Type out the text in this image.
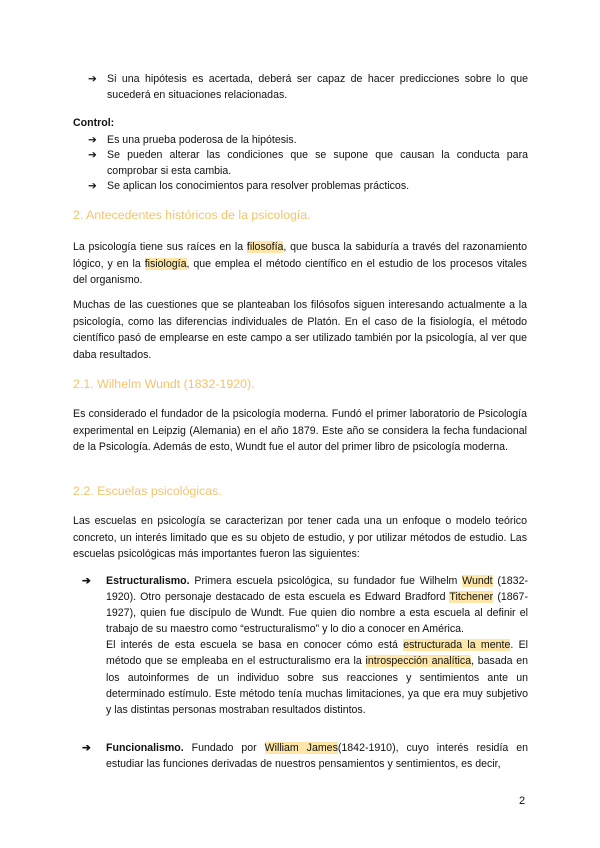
➔ Si una hipótesis es acertada, deberá ser capaz de hacer predicciones sobre lo que sucederá en situaciones relacionadas.
Control:
➔ Es una prueba poderosa de la hipótesis.
➔ Se pueden alterar las condiciones que se supone que causan la conducta para comprobar si esta cambia.
➔ Se aplican los conocimientos para resolver problemas prácticos.
2. Antecedentes históricos de la psicología.

La psicología tiene sus raíces en la filosofía, que busca la sabiduría a través del razonamiento lógico, y en la fisiología, que emplea el método científico en el estudio de los procesos vitales del organismo.

Muchas de las cuestiones que se planteaban los filósofos siguen interesando actualmente a la psicología, como las diferencias individuales de Platón. En el caso de la fisiología, el método científico pasó de emplearse en este campo a ser utilizado también por la psicología, al ver que daba resultados.

2.1. Wilhelm Wundt (1832-1920).

Es considerado el fundador de la psicología moderna. Fundó el primer laboratorio de Psicología experimental en Leipzig (Alemania) en el año 1879. Este año se considera la fecha fundacional de la Psicología. Además de esto, Wundt fue el autor del primer libro de psicología moderna.

2.2. Escuelas psicológicas.

Las escuelas en psicología se caracterizan por tener cada una un enfoque o modelo teórico concreto, un interés limitado que es su objeto de estudio, y por utilizar métodos de estudio. Las escuelas psicológicas más importantes fueron las siguientes:

➔ Estructuralismo. Primera escuela psicológica, su fundador fue Wilhelm Wundt (1832-1920). Otro personaje destacado de esta escuela es Edward Bradford Titchener (1867-1927), quien fue discípulo de Wundt. Fue quien dio nombre a esta escuela al definir el trabajo de su maestro como “estructuralismo” y lo dio a conocer en América.

El interés de esta escuela se basa en conocer cómo está estructurada la mente. El método que se empleaba en el estructuralismo era la introspección analítica, basada en los autoinformes de un individuo sobre sus reacciones y sentimientos ante un determinado estímulo. Este método tenía muchas limitaciones, ya que era muy subjetivo y las distintas personas mostraban resultados distintos.

➔ Funcionalismo. Fundado por William James(1842-1910), cuyo interés residía en estudiar las funciones derivadas de nuestros pensamientos y sentimientos, es decir,

2
